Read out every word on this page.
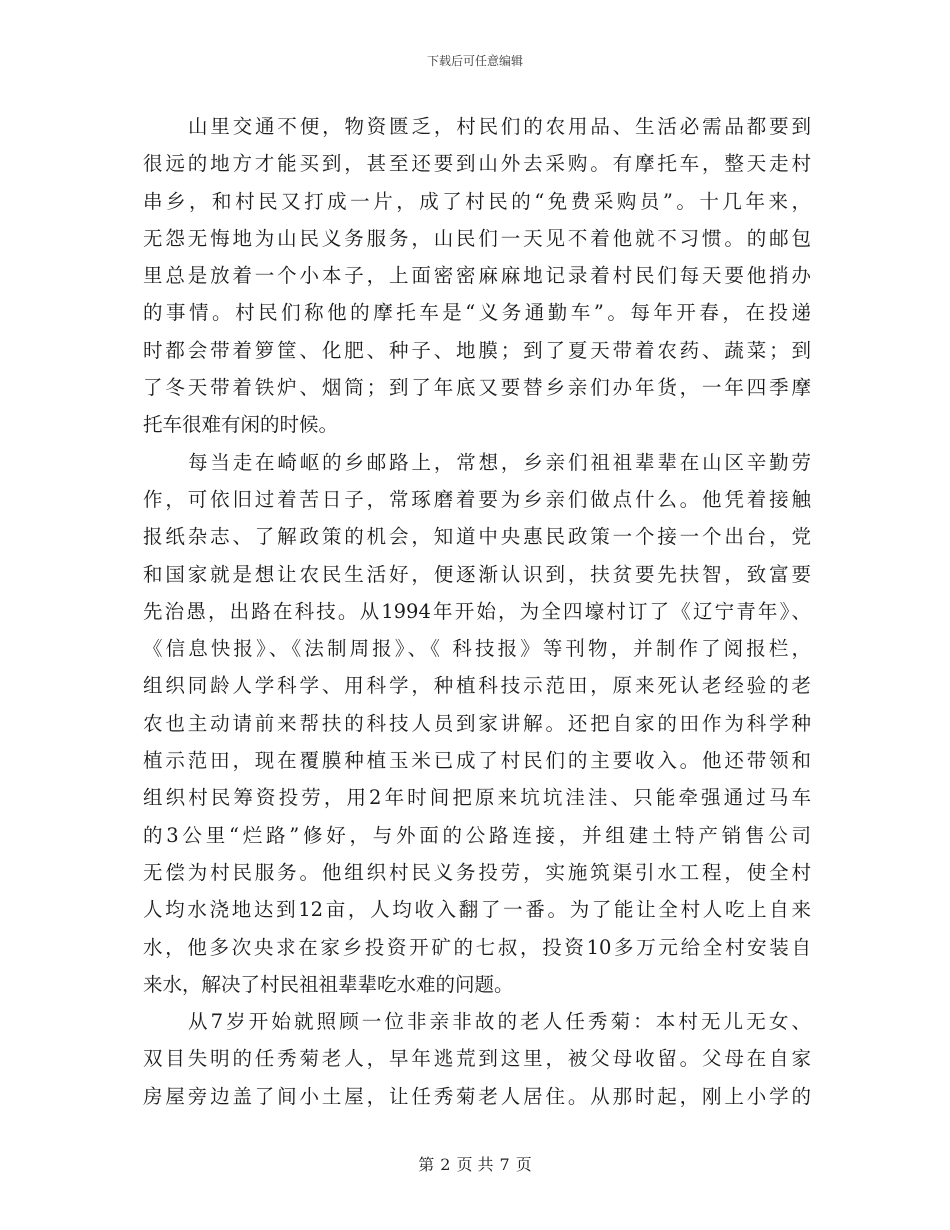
下载后可任意编辑
山里交通不便，物资匮乏，村民们的农用品、生活必需品都要到
很远的地方才能买到，甚至还要到山外去采购。有摩托车，整天走村
串乡，和村民又打成一片，成了村民的“免费采购员”。十几年来，
无怨无悔地为山民义务服务，山民们一天见不着他就不习惯。的邮包
里总是放着一个小本子，上面密密麻麻地记录着村民们每天要他捎办
的事情。村民们称他的摩托车是“义务通勤车”。每年开春，在投递
时都会带着箩筐、化肥、种子、地膜；到了夏天带着农药、蔬菜；到
了冬天带着铁炉、烟筒；到了年底又要替乡亲们办年货，一年四季摩
托车很难有闲的时候。
每当走在崎岖的乡邮路上，常想，乡亲们祖祖辈辈在山区辛勤劳
作，可依旧过着苦日子，常琢磨着要为乡亲们做点什么。他凭着接触
报纸杂志、了解政策的机会，知道中央惠民政策一个接一个出台，党
和国家就是想让农民生活好，便逐渐认识到，扶贫要先扶智，致富要
先治愚，出路在科技。从1994年开始，为全四壕村订了《辽宁青年》、
《信息快报》、《法制周报》、《 科技报》等刊物，并制作了阅报栏，
组织同龄人学科学、用科学，种植科技示范田，原来死认老经验的老
农也主动请前来帮扶的科技人员到家讲解。还把自家的田作为科学种
植示范田，现在覆膜种植玉米已成了村民们的主要收入。他还带领和
组织村民筹资投劳，用2年时间把原来坑坑洼洼、只能牵强通过马车
的3公里“烂路”修好，与外面的公路连接，并组建土特产销售公司
无偿为村民服务。他组织村民义务投劳，实施筑渠引水工程，使全村
人均水浇地达到12亩，人均收入翻了一番。为了能让全村人吃上自来
水，他多次央求在家乡投资开矿的七叔，投资10多万元给全村安装自
来水，解决了村民祖祖辈辈吃水难的问题。
从7岁开始就照顾一位非亲非故的老人任秀菊：本村无儿无女、
双目失明的任秀菊老人，早年逃荒到这里，被父母收留。父母在自家
房屋旁边盖了间小土屋，让任秀菊老人居住。从那时起，刚上小学的
第 2 页 共 7 页
